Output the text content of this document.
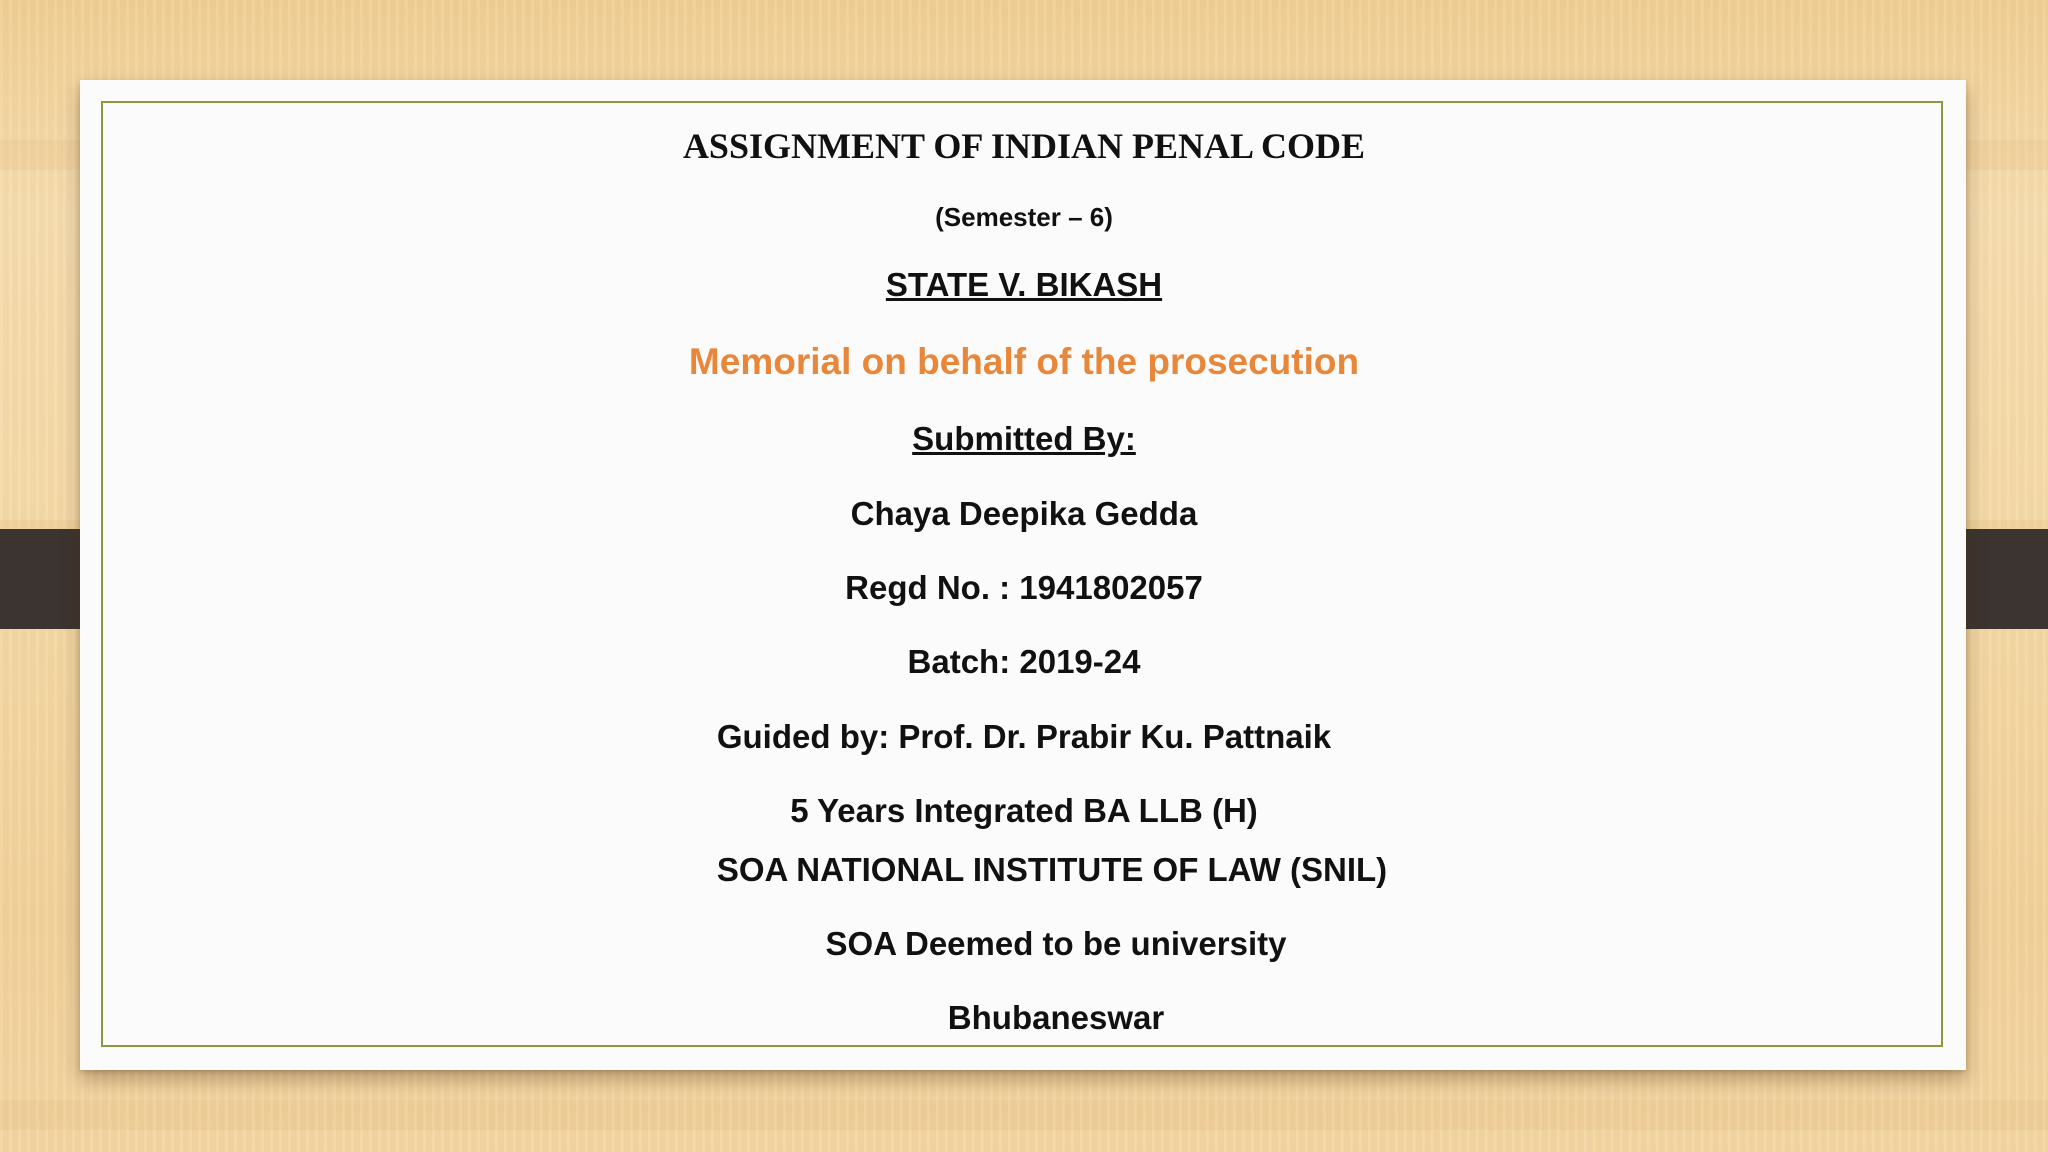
ASSIGNMENT OF INDIAN PENAL CODE
(Semester – 6)
STATE V. BIKASH
Memorial on behalf of the prosecution
Submitted By:
Chaya Deepika Gedda
Regd No. : 1941802057
Batch: 2019-24
Guided by: Prof. Dr. Prabir Ku. Pattnaik
5 Years Integrated BA LLB (H)
SOA NATIONAL INSTITUTE OF LAW (SNIL)
SOA Deemed to be university
Bhubaneswar
